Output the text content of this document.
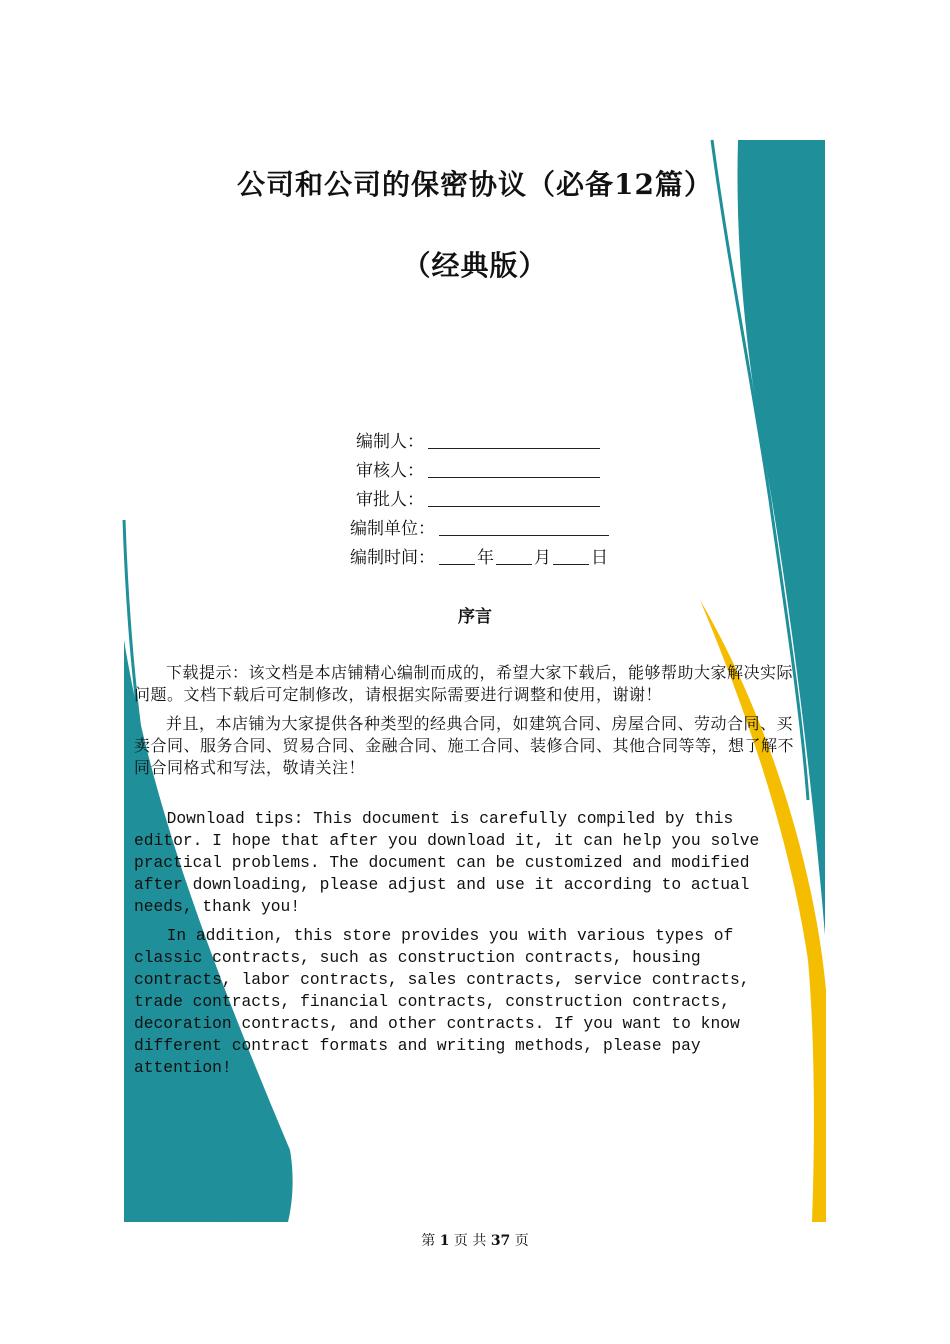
公司和公司的保密协议（必备12篇）
（经典版）
编制人：
审核人：
审批人：
编制单位：
编制时间： 年 月 日
序言

下载提示：该文档是本店铺精心编制而成的，希望大家下载后，能够帮助大家解决实际问题。文档下载后可定制修改，请根据实际需要进行调整和使用，谢谢！

并且，本店铺为大家提供各种类型的经典合同，如建筑合同、房屋合同、劳动合同、买卖合同、服务合同、贸易合同、金融合同、施工合同、装修合同、其他合同等等，想了解不同合同格式和写法，敬请关注！

Download tips: This document is carefully compiled by this editor. I hope that after you download it, it can help you solve practical problems. The document can be customized and modified after downloading, please adjust and use it according to actual needs, thank you!

In addition, this store provides you with various types of classic contracts, such as construction contracts, housing contracts, labor contracts, sales contracts, service contracts, trade contracts, financial contracts, construction contracts, decoration contracts, and other contracts. If you want to know different contract formats and writing methods, please pay attention!

第 1 页 共 37 页
